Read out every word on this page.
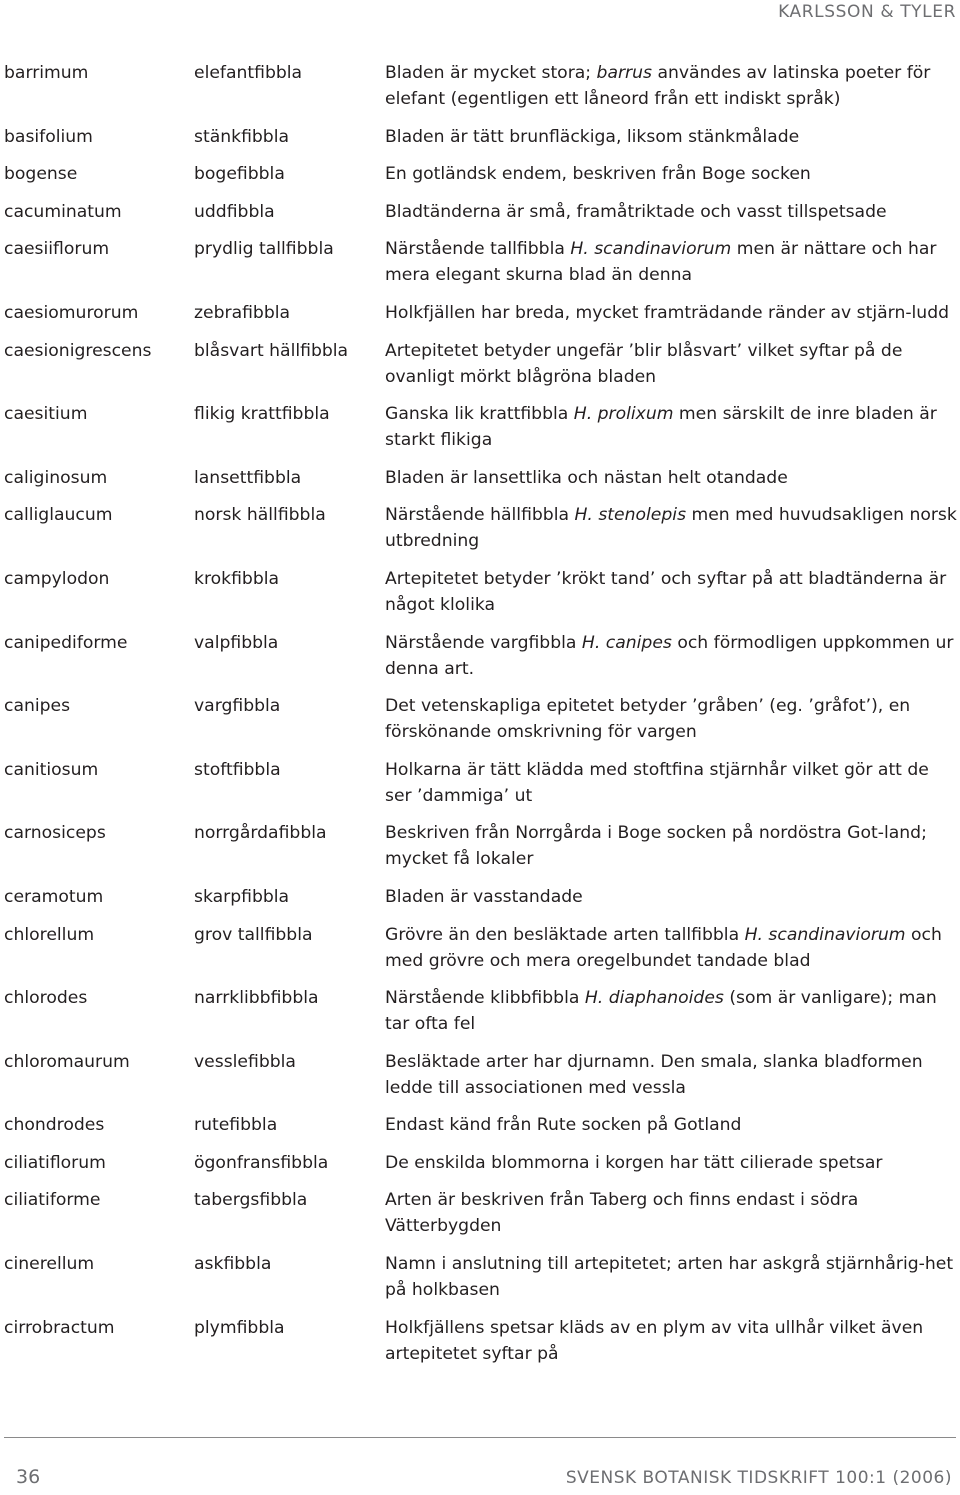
KARLSSON & TYLER
barrimum	elefantfibbla	Bladen är mycket stora; barrus användes av latinska poeter för elefant (egentligen ett låneord från ett indiskt språk)
basifolium	stänkfibbla	Bladen är tätt brunfläckiga, liksom stänkmålade
bogense	bogefibbla	En gotländsk endem, beskriven från Boge socken
cacuminatum	uddfibbla	Bladtänderna är små, framåtriktade och vasst tillspetsade
caesiiflorum	prydlig tallfibbla	Närstående tallfibbla H. scandinaviorum men är nättare och har mera elegant skurna blad än denna
caesiomurorum	zebrafibbla	Holkfjällen har breda, mycket framträdande ränder av stjärn-ludd
caesionigrescens	blåsvart hällfibbla	Artepitetet betyder ungefär ’blir blåsvart’ vilket syftar på de ovanligt mörkt blågröna bladen
caesitium	flikig krattfibbla	Ganska lik krattfibbla H. prolixum men särskilt de inre bladen är starkt flikiga
caliginosum	lansettfibbla	Bladen är lansettlika och nästan helt otandade
calliglaucum	norsk hällfibbla	Närstående hällfibbla H. stenolepis men med huvudsakligen norsk utbredning
campylodon	krokfibbla	Artepitetet betyder ’krökt tand’ och syftar på att bladtänderna är något klolika
canipediforme	valpfibbla	Närstående vargfibbla H. canipes och förmodligen uppkommen ur denna art.
canipes	vargfibbla	Det vetenskapliga epitetet betyder ’gråben’ (eg. ’gråfot’), en förskönande omskrivning för vargen
canitiosum	stoftfibbla	Holkarna är tätt klädda med stoftfina stjärnhår vilket gör att de ser ’dammiga’ ut
carnosiceps	norrgårdafibbla	Beskriven från Norrgårda i Boge socken på nordöstra Got-land; mycket få lokaler
ceramotum	skarpfibbla	Bladen är vasstandade
chlorellum	grov tallfibbla	Grövre än den besläktade arten tallfibbla H. scandinaviorum och med grövre och mera oregelbundet tandade blad
chlorodes	narrklibbfibbla	Närstående klibbfibbla H. diaphanoides (som är vanligare); man tar ofta fel
chloromaurum	vesslefibbla	Besläktade arter har djurnamn. Den smala, slanka bladformen ledde till associationen med vessla
chondrodes	rutefibbla	Endast känd från Rute socken på Gotland
ciliatiflorum	ögonfransfibbla	De enskilda blommorna i korgen har tätt cilierade spetsar
ciliatiforme	tabergsfibbla	Arten är beskriven från Taberg och finns endast i södra Vätterbygden
cinerellum	askfibbla	Namn i anslutning till artepitetet; arten har askgrå stjärnhårig-het på holkbasen
cirrobractum	plymfibbla	Holkfjällens spetsar kläds av en plym av vita ullhår vilket även artepitetet syftar på
36	SVENSK BOTANISK TIDSKRIFT 100:1 (2006)
